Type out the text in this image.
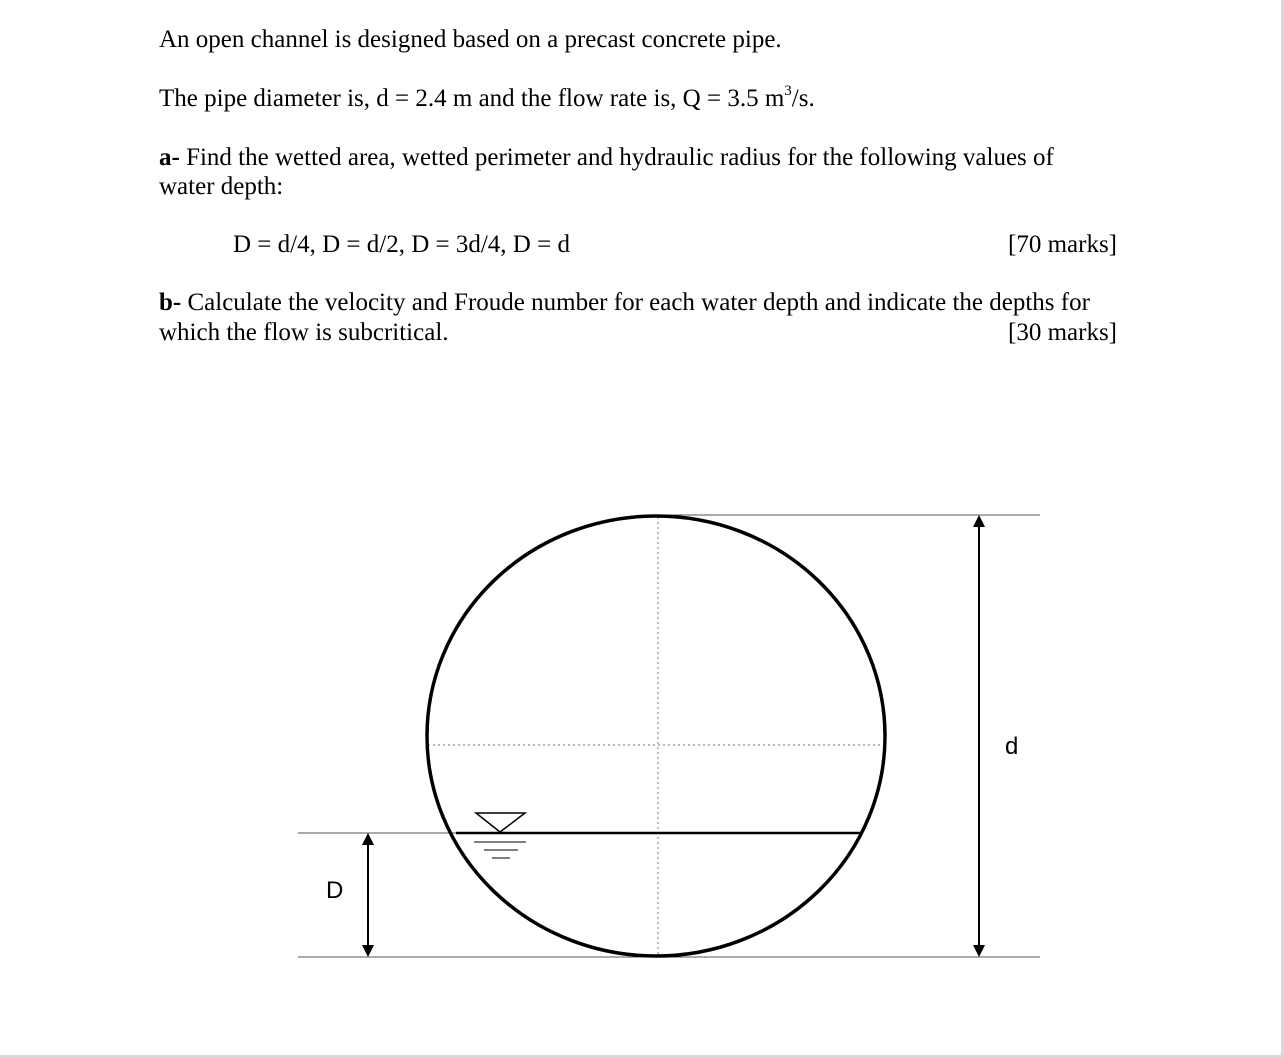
An open channel is designed based on a precast concrete pipe.
The pipe diameter is, d = 2.4 m and the flow rate is, Q = 3.5 $m^3/s$.
a- Find the wetted area, wetted perimeter and hydraulic radius for the following values of
water depth:
D = d/4, D = d/2, D = 3d/4, D = d	[70 marks]
b- Calculate the velocity and Froude number for each water depth and indicate the depths for
which the flow is subcritical.	[30 marks]
d
D
